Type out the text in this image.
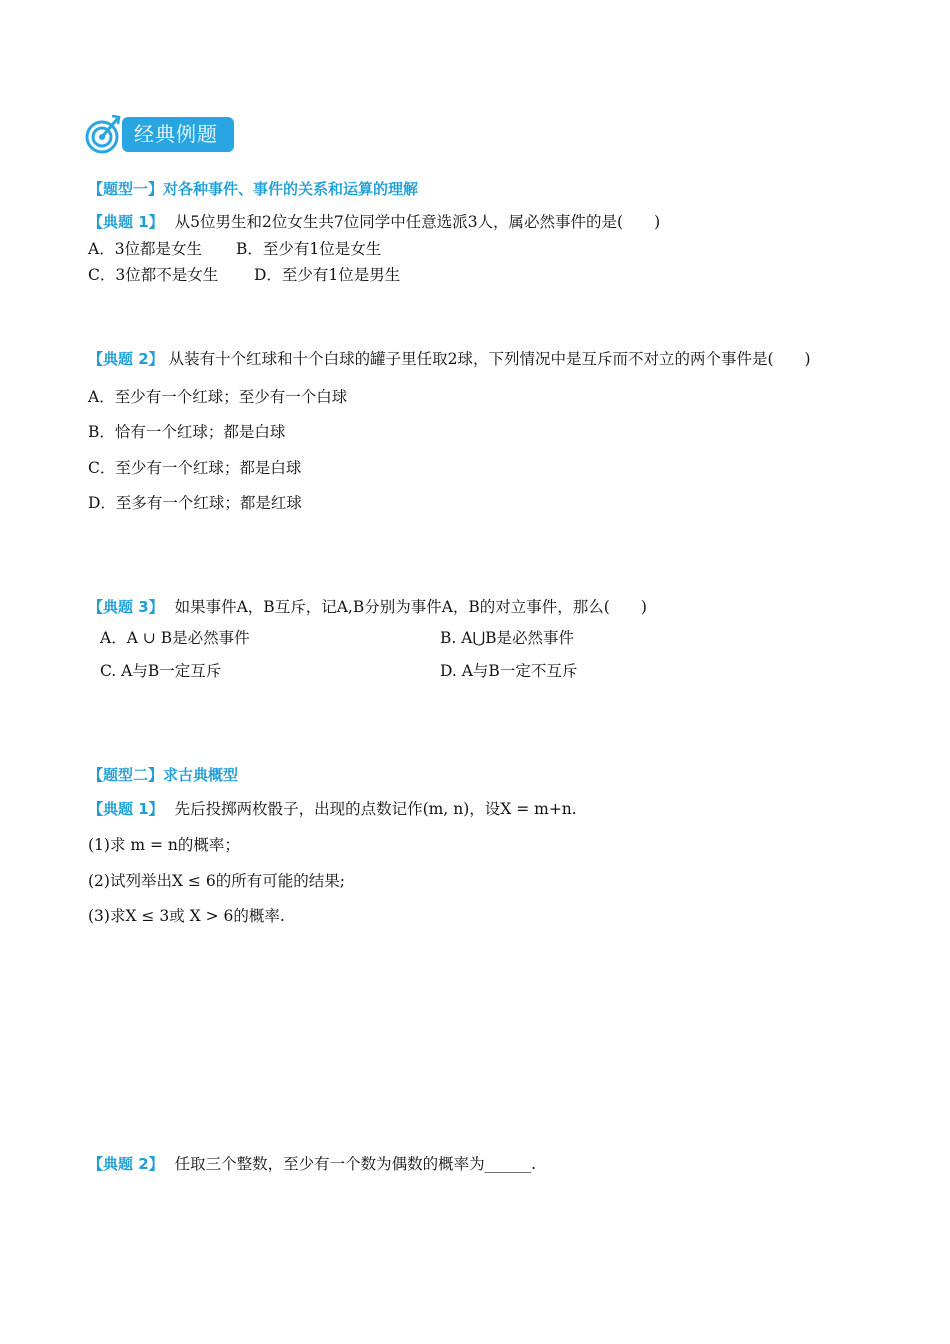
经典例题
【题型一】对各种事件、事件的关系和运算的理解
【典题 1】 从5位男生和2位女生共7位同学中任意选派3人，属必然事件的是(　　)
A．3位都是女生 B．至少有1位是女生
C．3位都不是女生 D．至少有1位是男生
【典题 2】 从装有十个红球和十个白球的罐子里任取2球，下列情况中是互斥而不对立的两个事件是(　　)
A．至少有一个红球；至少有一个白球
B．恰有一个红球；都是白球
C．至少有一个红球；都是白球
D．至多有一个红球；都是红球
【典题 3】 如果事件A，B互斥，记A,B分别为事件A，B的对立事件，那么(　　)
A．A ∪ B是必然事件	B. A⋃B是必然事件
C. A与B一定互斥	D. A与B一定不互斥
【题型二】求古典概型
【典题 1】 先后投掷两枚骰子，出现的点数记作(m, n)，设X = m+n.
(1)求 m = n的概率；
(2)试列举出X ≤ 6的所有可能的结果;
(3)求X ≤ 3或 X > 6的概率.
【典题 2】 任取三个整数，至少有一个数为偶数的概率为______.
